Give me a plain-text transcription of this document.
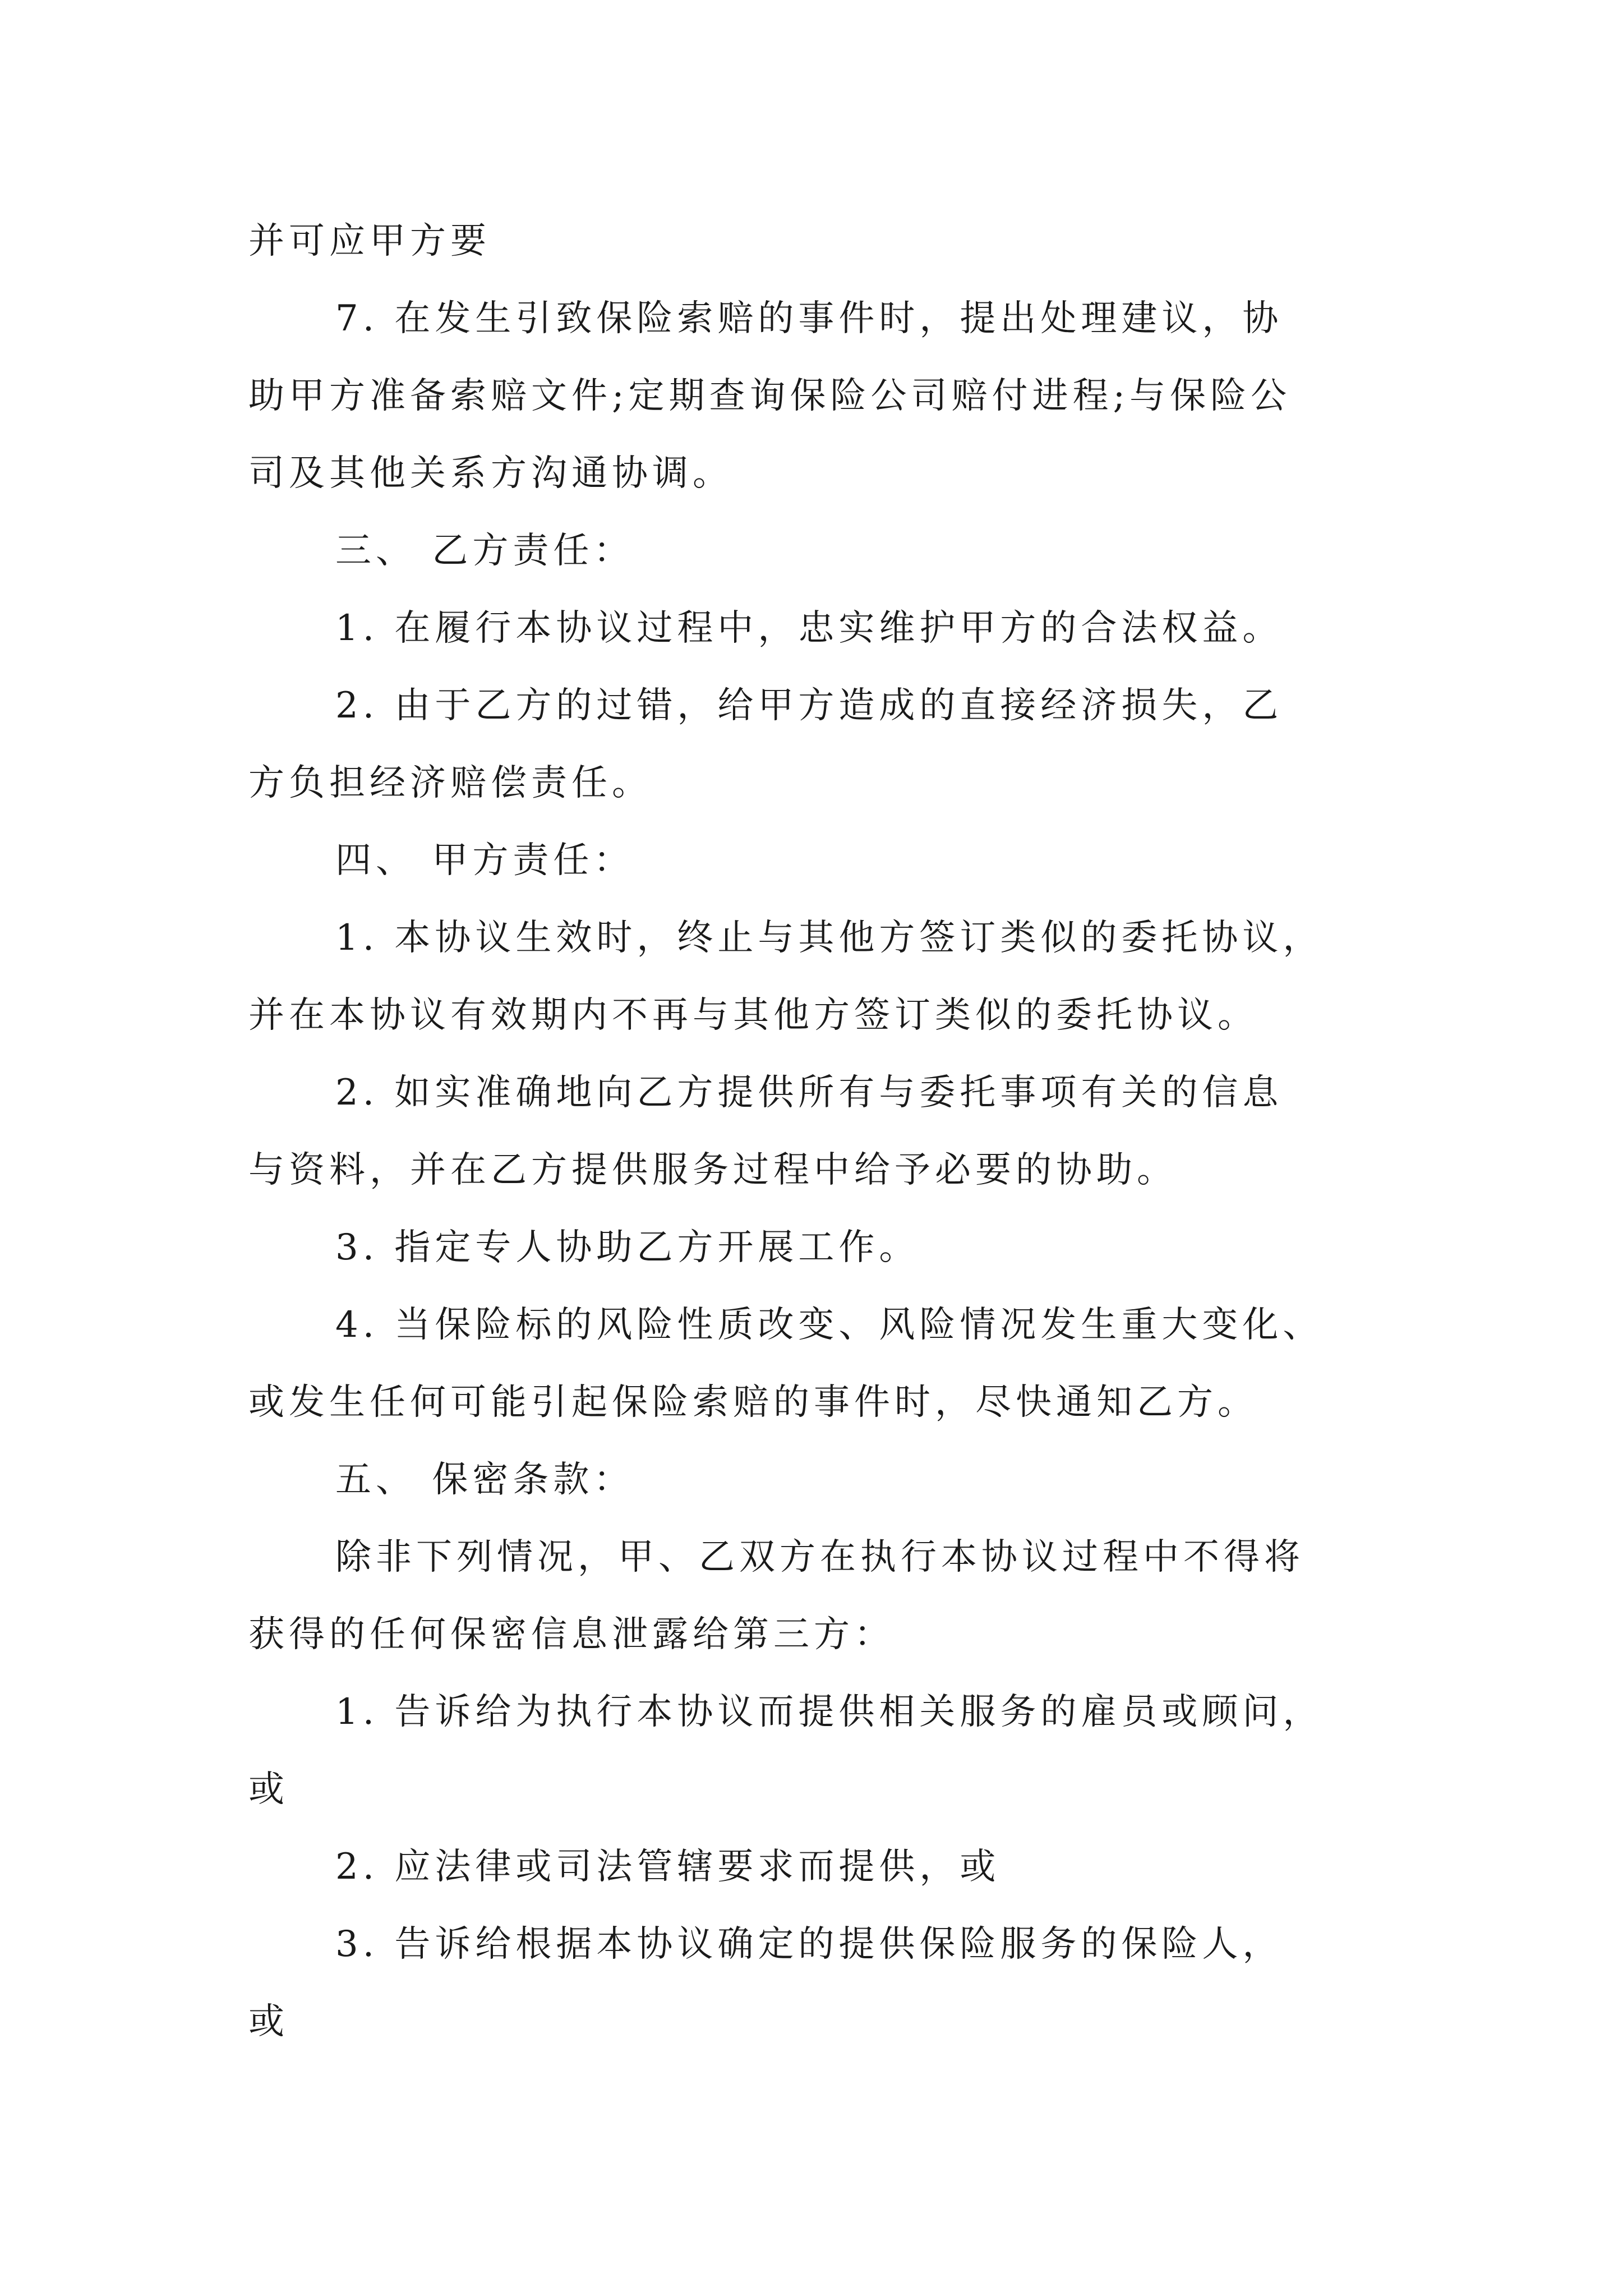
并可应甲方要
7. 在发生引致保险索赔的事件时，提出处理建议，协
助甲方准备索赔文件;定期查询保险公司赔付进程;与保险公
司及其他关系方沟通协调。
三、 乙方责任：
1. 在履行本协议过程中，忠实维护甲方的合法权益。
2. 由于乙方的过错，给甲方造成的直接经济损失，乙
方负担经济赔偿责任。
四、 甲方责任：
1. 本协议生效时，终止与其他方签订类似的委托协议，
并在本协议有效期内不再与其他方签订类似的委托协议。
2. 如实准确地向乙方提供所有与委托事项有关的信息
与资料，并在乙方提供服务过程中给予必要的协助。
3. 指定专人协助乙方开展工作。
4. 当保险标的风险性质改变、风险情况发生重大变化、
或发生任何可能引起保险索赔的事件时，尽快通知乙方。
五、 保密条款：
除非下列情况，甲、乙双方在执行本协议过程中不得将
获得的任何保密信息泄露给第三方：
1. 告诉给为执行本协议而提供相关服务的雇员或顾问，
或
2. 应法律或司法管辖要求而提供，或
3. 告诉给根据本协议确定的提供保险服务的保险人，
或
